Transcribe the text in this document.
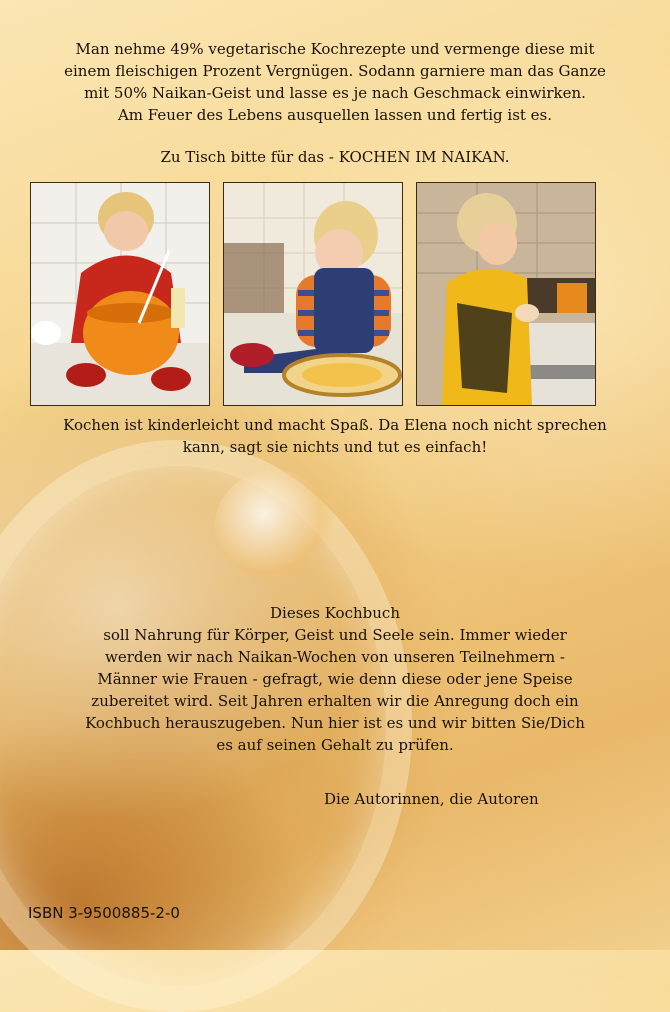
Man nehme 49% vegetarische Kochrezepte und vermenge diese mit
einem fleischigen Prozent Vergnügen. Sodann garniere man das Ganze
mit 50% Naikan-Geist und lasse es je nach Geschmack einwirken.
Am Feuer des Lebens ausquellen lassen und fertig ist es.
Zu Tisch bitte für das - KOCHEN IM NAIKAN.
Kochen ist kinderleicht und macht Spaß. Da Elena noch nicht sprechen
kann, sagt sie nichts und tut es einfach!
Dieses Kochbuch
soll Nahrung für Körper, Geist und Seele sein. Immer wieder
werden wir nach Naikan-Wochen von unseren Teilnehmern -
Männer wie Frauen - gefragt, wie denn diese oder jene Speise
zubereitet wird. Seit Jahren erhalten wir die Anregung doch ein
Kochbuch herauszugeben. Nun hier ist es und wir bitten Sie/Dich
es auf seinen Gehalt zu prüfen.
Die Autorinnen, die Autoren
ISBN 3-9500885-2-0
